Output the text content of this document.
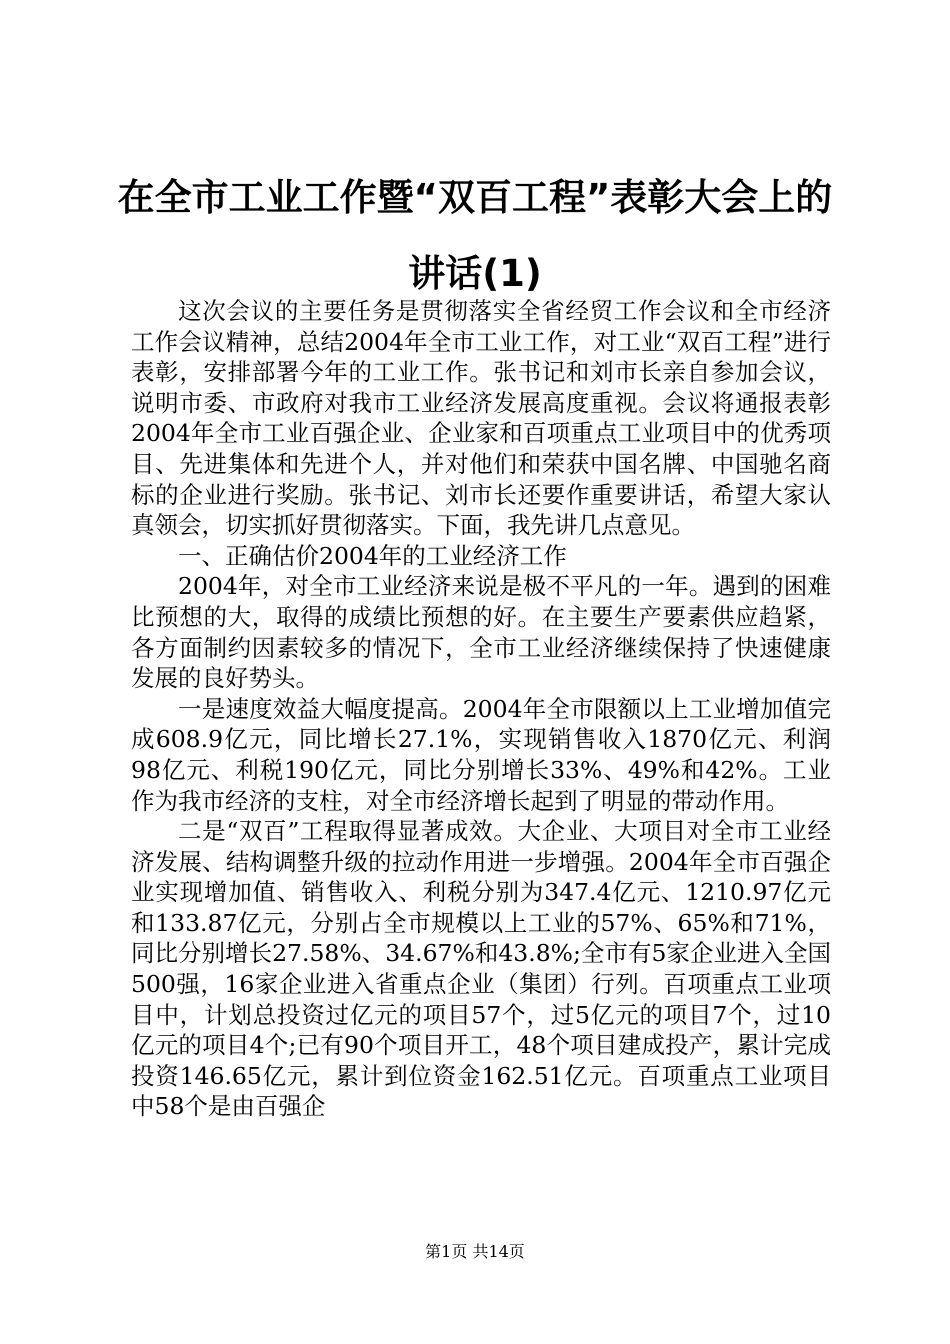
在全市工业工作暨“双百工程”表彰大会上的讲话(1)

这次会议的主要任务是贯彻落实全省经贸工作会议和全市经济工作会议精神，总结2004年全市工业工作，对工业“双百工程”进行表彰，安排部署今年的工业工作。张书记和刘市长亲自参加会议，说明市委、市政府对我市工业经济发展高度重视。会议将通报表彰2004年全市工业百强企业、企业家和百项重点工业项目中的优秀项目、先进集体和先进个人，并对他们和荣获中国名牌、中国驰名商标的企业进行奖励。张书记、刘市长还要作重要讲话，希望大家认真领会，切实抓好贯彻落实。下面，我先讲几点意见。

一、正确估价2004年的工业经济工作

2004年，对全市工业经济来说是极不平凡的一年。遇到的困难比预想的大，取得的成绩比预想的好。在主要生产要素供应趋紧，各方面制约因素较多的情况下，全市工业经济继续保持了快速健康发展的良好势头。

一是速度效益大幅度提高。2004年全市限额以上工业增加值完成608.9亿元，同比增长27.1%，实现销售收入1870亿元、利润98亿元、利税190亿元，同比分别增长33%、49%和42%。工业作为我市经济的支柱，对全市经济增长起到了明显的带动作用。

二是“双百”工程取得显著成效。大企业、大项目对全市工业经济发展、结构调整升级的拉动作用进一步增强。2004年全市百强企业实现增加值、销售收入、利税分别为347.4亿元、1210.97亿元和133.87亿元，分别占全市规模以上工业的57%、65%和71%，同比分别增长27.58%、34.67%和43.8%;全市有5家企业进入全国500强，16家企业进入省重点企业（集团）行列。百项重点工业项目中，计划总投资过亿元的项目57个，过5亿元的项目7个，过10亿元的项目4个;已有90个项目开工，48个项目建成投产，累计完成投资146.65亿元，累计到位资金162.51亿元。百项重点工业项目中58个是由百强企

第1页 共14页
